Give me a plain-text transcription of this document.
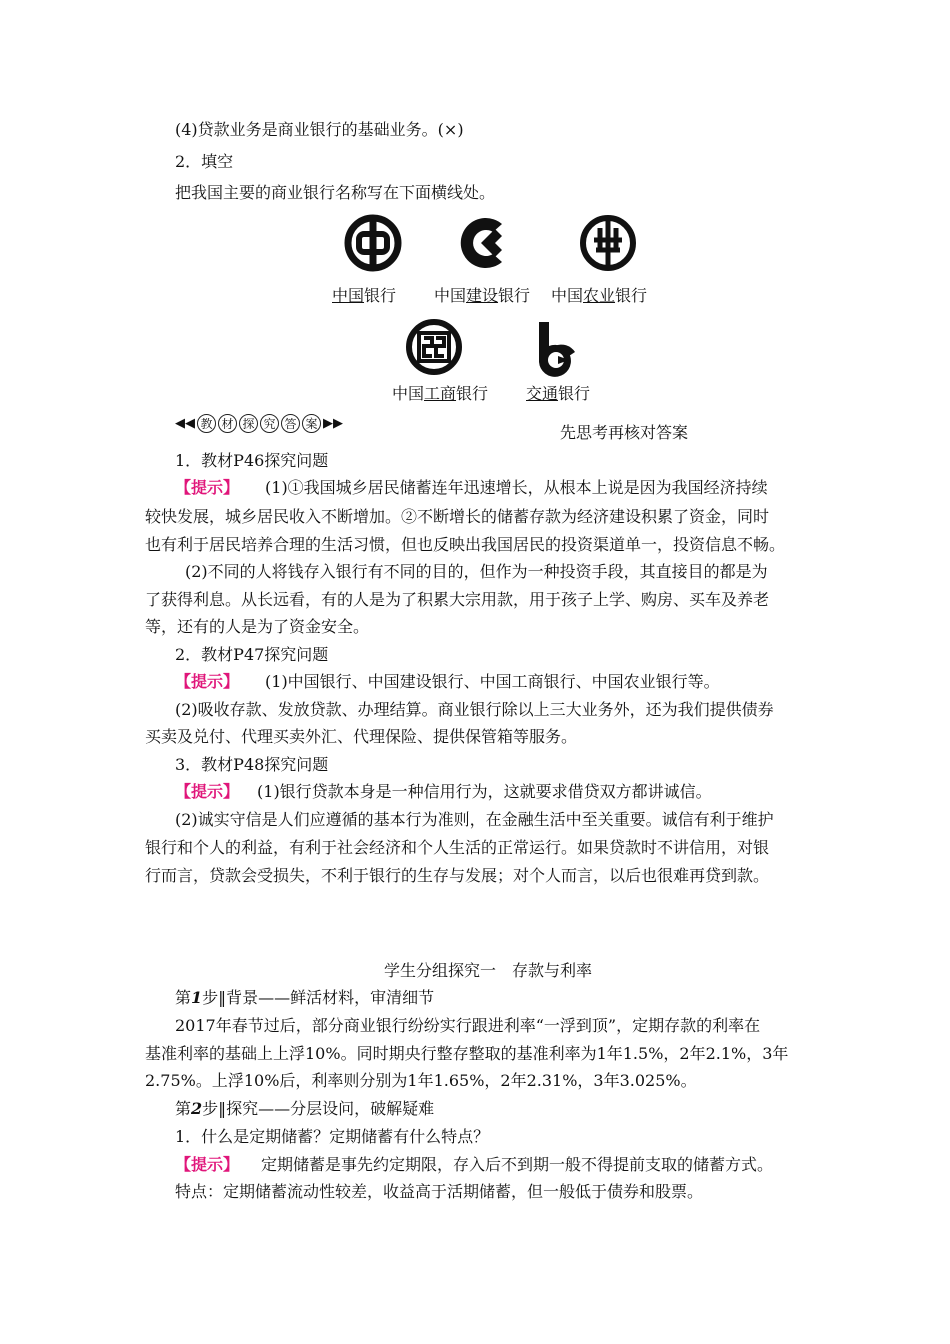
(4)贷款业务是商业银行的基础业务。(×)
2．填空
把我国主要的商业银行名称写在下面横线处。
中国银行 中国建设银行 中国农业银行
中国工商银行 交通银行
◀◀ 教 材 探 究 答 案 ▶▶	先思考再核对答案
1．教材P46探究问题
【提示】 (1)①我国城乡居民储蓄连年迅速增长，从根本上说是因为我国经济持续
较快发展，城乡居民收入不断增加。②不断增长的储蓄存款为经济建设积累了资金，同时
也有利于居民培养合理的生活习惯，但也反映出我国居民的投资渠道单一，投资信息不畅。
(2)不同的人将钱存入银行有不同的目的，但作为一种投资手段，其直接目的都是为
了获得利息。从长远看，有的人是为了积累大宗用款，用于孩子上学、购房、买车及养老
等，还有的人是为了资金安全。
2．教材P47探究问题
【提示】 (1)中国银行、中国建设银行、中国工商银行、中国农业银行等。
(2)吸收存款、发放贷款、办理结算。商业银行除以上三大业务外，还为我们提供债券
买卖及兑付、代理买卖外汇、代理保险、提供保管箱等服务。
3．教材P48探究问题
【提示】 (1)银行贷款本身是一种信用行为，这就要求借贷双方都讲诚信。
(2)诚实守信是人们应遵循的基本行为准则，在金融生活中至关重要。诚信有利于维护
银行和个人的利益，有利于社会经济和个人生活的正常运行。如果贷款时不讲信用，对银
行而言，贷款会受损失，不利于银行的生存与发展；对个人而言，以后也很难再贷到款。
学生分组探究一　存款与利率
第1步‖背景——鲜活材料，审清细节
2017年春节过后，部分商业银行纷纷实行跟进利率“一浮到顶”，定期存款的利率在
基准利率的基础上上浮10%。同时期央行整存整取的基准利率为1年1.5%，2年2.1%，3年
2.75%。上浮10%后，利率则分别为1年1.65%，2年2.31%，3年3.025%。
第2步‖探究——分层设问，破解疑难
1．什么是定期储蓄？定期储蓄有什么特点？
【提示】 定期储蓄是事先约定期限，存入后不到期一般不得提前支取的储蓄方式。
特点：定期储蓄流动性较差，收益高于活期储蓄，但一般低于债券和股票。
